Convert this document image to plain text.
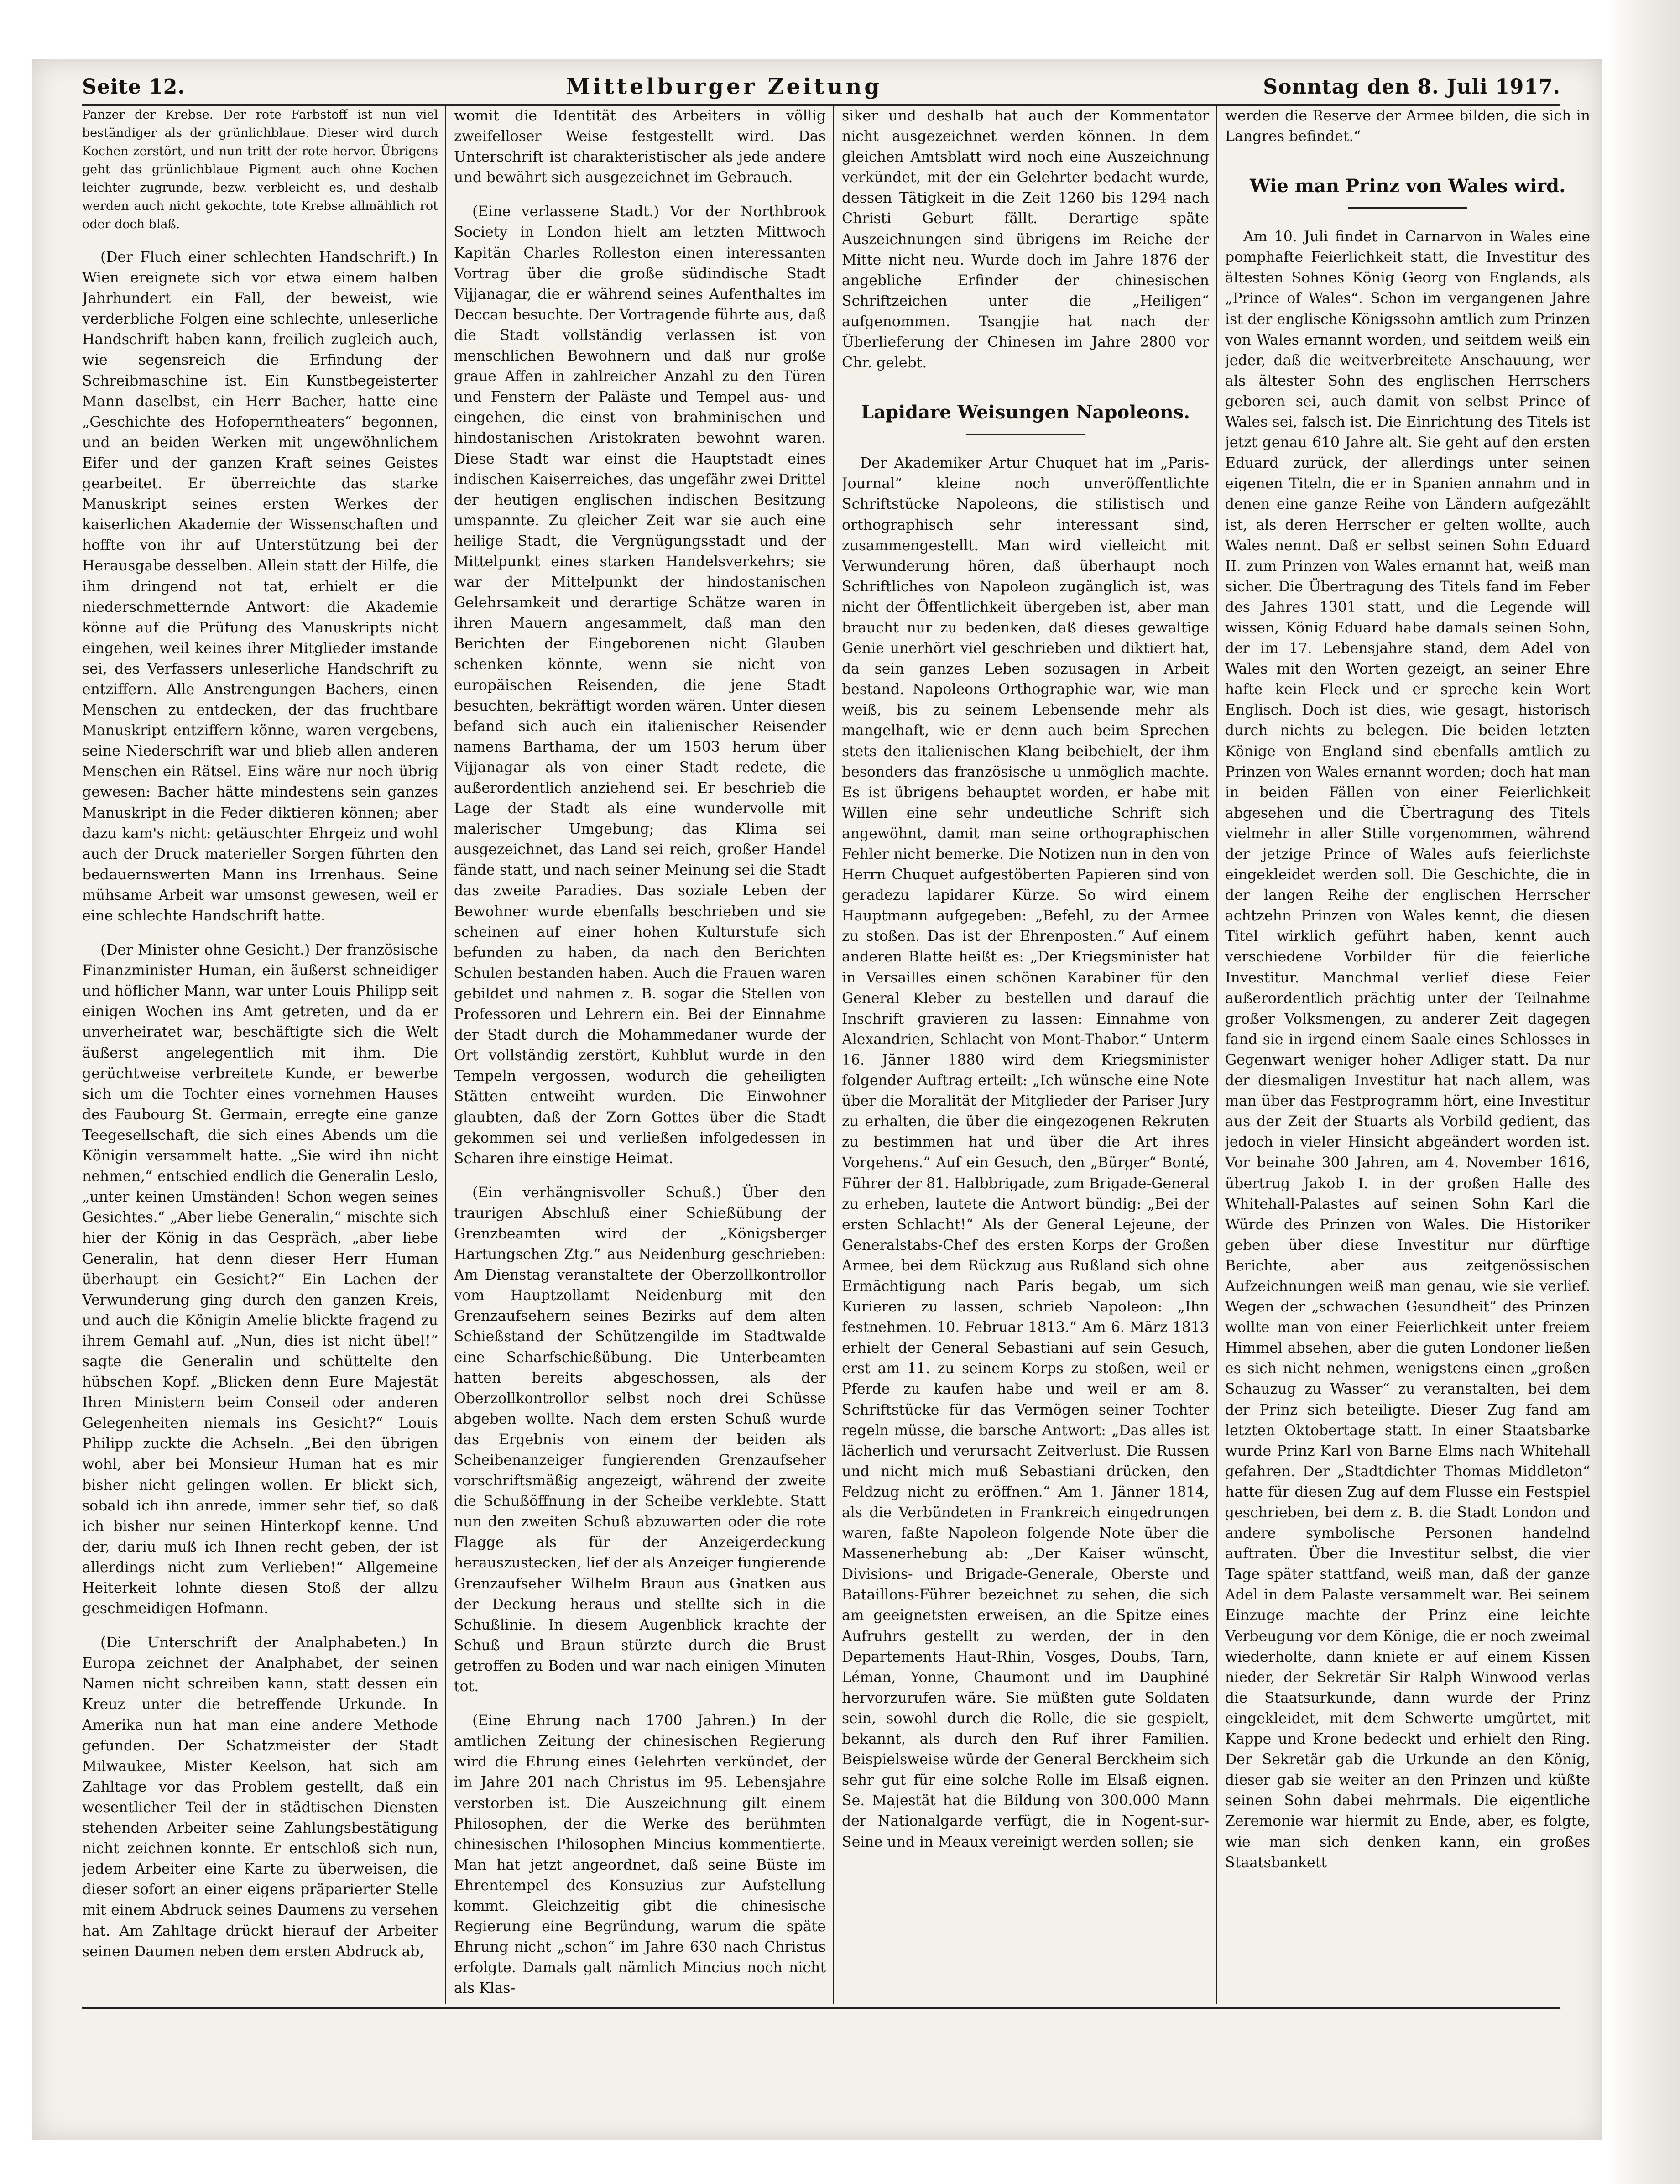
Seite 12.	Mittelburger Zeitung	Sonntag den 8. Juli 1917.

Panzer der Krebse. Der rote Farbstoff ist nun viel beständiger als der grünlichblaue. Dieser wird durch Kochen zerstört, und nun tritt der rote hervor. Übrigens geht das grünlichblaue Pigment auch ohne Kochen leichter zugrunde, bezw. verbleicht es, und deshalb werden auch nicht gekochte, tote Krebse allmählich rot oder doch blaß.

(Der Fluch einer schlechten Handschrift.) In Wien ereignete sich vor etwa einem halben Jahrhundert ein Fall, der beweist, wie verderbliche Folgen eine schlechte, unleserliche Handschrift haben kann, freilich zugleich auch, wie segensreich die Erfindung der Schreibmaschine ist. Ein Kunstbegeisterter Mann daselbst, ein Herr Bacher, hatte eine „Geschichte des Hofoperntheaters“ begonnen, und an beiden Werken mit ungewöhnlichem Eifer und der ganzen Kraft seines Geistes gearbeitet. Er überreichte das starke Manuskript seines ersten Werkes der kaiserlichen Akademie der Wissenschaften und hoffte von ihr auf Unterstützung bei der Herausgabe desselben. Allein statt der Hilfe, die ihm dringend not tat, erhielt er die niederschmetternde Antwort: die Akademie könne auf die Prüfung des Manuskripts nicht eingehen, weil keines ihrer Mitglieder imstande sei, des Verfassers unleserliche Handschrift zu entziffern. Alle Anstrengungen Bachers, einen Menschen zu entdecken, der das fruchtbare Manuskript entziffern könne, waren vergebens, seine Niederschrift war und blieb allen anderen Menschen ein Rätsel. Eins wäre nur noch übrig gewesen: Bacher hätte mindestens sein ganzes Manuskript in die Feder diktieren können; aber dazu kam's nicht: getäuschter Ehrgeiz und wohl auch der Druck materieller Sorgen führten den bedauernswerten Mann ins Irrenhaus. Seine mühsame Arbeit war umsonst gewesen, weil er eine schlechte Handschrift hatte.

(Der Minister ohne Gesicht.) Der französische Finanzminister Human, ein äußerst schneidiger und höflicher Mann, war unter Louis Philipp seit einigen Wochen ins Amt getreten, und da er unverheiratet war, beschäftigte sich die Welt äußerst angelegentlich mit ihm. Die gerüchtweise verbreitete Kunde, er bewerbe sich um die Tochter eines vornehmen Hauses des Faubourg St. Germain, erregte eine ganze Teegesellschaft, die sich eines Abends um die Königin versammelt hatte. „Sie wird ihn nicht nehmen,“ entschied endlich die Generalin Leslo, „unter keinen Umständen! Schon wegen seines Gesichtes.“ „Aber liebe Generalin,“ mischte sich hier der König in das Gespräch, „aber liebe Generalin, hat denn dieser Herr Human überhaupt ein Gesicht?“ Ein Lachen der Verwunderung ging durch den ganzen Kreis, und auch die Königin Amelie blickte fragend zu ihrem Gemahl auf. „Nun, dies ist nicht übel!“ sagte die Generalin und schüttelte den hübschen Kopf. „Blicken denn Eure Majestät Ihren Ministern beim Conseil oder anderen Gelegenheiten niemals ins Gesicht?“ Louis Philipp zuckte die Achseln. „Bei den übrigen wohl, aber bei Monsieur Human hat es mir bisher nicht gelingen wollen. Er blickt sich, sobald ich ihn anrede, immer sehr tief, so daß ich bisher nur seinen Hinterkopf kenne. Und der, dariu muß ich Ihnen recht geben, der ist allerdings nicht zum Verlieben!“ Allgemeine Heiterkeit lohnte diesen Stoß der allzu geschmeidigen Hofmann.

(Die Unterschrift der Analphabeten.) In Europa zeichnet der Analphabet, der seinen Namen nicht schreiben kann, statt dessen ein Kreuz unter die betreffende Urkunde. In Amerika nun hat man eine andere Methode gefunden. Der Schatzmeister der Stadt Milwaukee, Mister Keelson, hat sich am Zahltage vor das Problem gestellt, daß ein wesentlicher Teil der in städtischen Diensten stehenden Arbeiter seine Zahlungsbestätigung nicht zeichnen konnte. Er entschloß sich nun, jedem Arbeiter eine Karte zu überweisen, die dieser sofort an einer eigens präparierter Stelle mit einem Abdruck seines Daumens zu versehen hat. Am Zahltage drückt hierauf der Arbeiter seinen Daumen neben dem ersten Abdruck ab,

womit die Identität des Arbeiters in völlig zweifelloser Weise festgestellt wird. Das Unterschrift ist charakteristischer als jede andere und bewährt sich ausgezeichnet im Gebrauch.

(Eine verlassene Stadt.) Vor der Northbrook Society in London hielt am letzten Mittwoch Kapitän Charles Rolleston einen interessanten Vortrag über die große südindische Stadt Vijjanagar, die er während seines Aufenthaltes im Deccan besuchte. Der Vortragende führte aus, daß die Stadt vollständig verlassen ist von menschlichen Bewohnern und daß nur große graue Affen in zahlreicher Anzahl zu den Türen und Fenstern der Paläste und Tempel aus- und eingehen, die einst von brahminischen und hindostanischen Aristokraten bewohnt waren. Diese Stadt war einst die Hauptstadt eines indischen Kaiserreiches, das ungefähr zwei Drittel der heutigen englischen indischen Besitzung umspannte. Zu gleicher Zeit war sie auch eine heilige Stadt, die Vergnügungsstadt und der Mittelpunkt eines starken Handelsverkehrs; sie war der Mittelpunkt der hindostanischen Gelehrsamkeit und derartige Schätze waren in ihren Mauern angesammelt, daß man den Berichten der Eingeborenen nicht Glauben schenken könnte, wenn sie nicht von europäischen Reisenden, die jene Stadt besuchten, bekräftigt worden wären. Unter diesen befand sich auch ein italienischer Reisender namens Barthama, der um 1503 herum über Vijjanagar als von einer Stadt redete, die außerordentlich anziehend sei. Er beschrieb die Lage der Stadt als eine wundervolle mit malerischer Umgebung; das Klima sei ausgezeichnet, das Land sei reich, großer Handel fände statt, und nach seiner Meinung sei die Stadt das zweite Paradies. Das soziale Leben der Bewohner wurde ebenfalls beschrieben und sie scheinen auf einer hohen Kulturstufe sich befunden zu haben, da nach den Berichten Schulen bestanden haben. Auch die Frauen waren gebildet und nahmen z. B. sogar die Stellen von Professoren und Lehrern ein. Bei der Einnahme der Stadt durch die Mohammedaner wurde der Ort vollständig zerstört, Kuhblut wurde in den Tempeln vergossen, wodurch die geheiligten Stätten entweiht wurden. Die Einwohner glaubten, daß der Zorn Gottes über die Stadt gekommen sei und verließen infolgedessen in Scharen ihre einstige Heimat.

(Ein verhängnisvoller Schuß.) Über den traurigen Abschluß einer Schießübung der Grenzbeamten wird der „Königsberger Hartungschen Ztg.“ aus Neidenburg geschrieben: Am Dienstag veranstaltete der Oberzollkontrollor vom Hauptzollamt Neidenburg mit den Grenzaufsehern seines Bezirks auf dem alten Schießstand der Schützengilde im Stadtwalde eine Scharfschießübung. Die Unterbeamten hatten bereits abgeschossen, als der Oberzollkontrollor selbst noch drei Schüsse abgeben wollte. Nach dem ersten Schuß wurde das Ergebnis von einem der beiden als Scheibenanzeiger fungierenden Grenzaufseher vorschriftsmäßig angezeigt, während der zweite die Schußöffnung in der Scheibe verklebte. Statt nun den zweiten Schuß abzuwarten oder die rote Flagge als für der Anzeigerdeckung herauszustecken, lief der als Anzeiger fungierende Grenzaufseher Wilhelm Braun aus Gnatken aus der Deckung heraus und stellte sich in die Schußlinie. In diesem Augenblick krachte der Schuß und Braun stürzte durch die Brust getroffen zu Boden und war nach einigen Minuten tot.

(Eine Ehrung nach 1700 Jahren.) In der amtlichen Zeitung der chinesischen Regierung wird die Ehrung eines Gelehrten verkündet, der im Jahre 201 nach Christus im 95. Lebensjahre verstorben ist. Die Auszeichnung gilt einem Philosophen, der die Werke des berühmten chinesischen Philosophen Mincius kommentierte. Man hat jetzt angeordnet, daß seine Büste im Ehrentempel des Konsuzius zur Aufstellung kommt. Gleichzeitig gibt die chinesische Regierung eine Begründung, warum die späte Ehrung nicht „schon“ im Jahre 630 nach Christus erfolgte. Damals galt nämlich Mincius noch nicht als Klas-

siker und deshalb hat auch der Kommentator nicht ausgezeichnet werden können. In dem gleichen Amtsblatt wird noch eine Auszeichnung verkündet, mit der ein Gelehrter bedacht wurde, dessen Tätigkeit in die Zeit 1260 bis 1294 nach Christi Geburt fällt. Derartige späte Auszeichnungen sind übrigens im Reiche der Mitte nicht neu. Wurde doch im Jahre 1876 der angebliche Erfinder der chinesischen Schriftzeichen unter die „Heiligen“ aufgenommen. Tsangjie hat nach der Überlieferung der Chinesen im Jahre 2800 vor Chr. gelebt.

Lapidare Weisungen Napoleons.

Der Akademiker Artur Chuquet hat im „Paris-Journal“ kleine noch unveröffentlichte Schriftstücke Napoleons, die stilistisch und orthographisch sehr interessant sind, zusammengestellt. Man wird vielleicht mit Verwunderung hören, daß überhaupt noch Schriftliches von Napoleon zugänglich ist, was nicht der Öffentlichkeit übergeben ist, aber man braucht nur zu bedenken, daß dieses gewaltige Genie unerhört viel geschrieben und diktiert hat, da sein ganzes Leben sozusagen in Arbeit bestand. Napoleons Orthographie war, wie man weiß, bis zu seinem Lebensende mehr als mangelhaft, wie er denn auch beim Sprechen stets den italienischen Klang beibehielt, der ihm besonders das französische u unmöglich machte. Es ist übrigens behauptet worden, er habe mit Willen eine sehr undeutliche Schrift sich angewöhnt, damit man seine orthographischen Fehler nicht bemerke. Die Notizen nun in den von Herrn Chuquet aufgestöberten Papieren sind von geradezu lapidarer Kürze. So wird einem Hauptmann aufgegeben: „Befehl, zu der Armee zu stoßen. Das ist der Ehrenposten.“ Auf einem anderen Blatte heißt es: „Der Kriegsminister hat in Versailles einen schönen Karabiner für den General Kleber zu bestellen und darauf die Inschrift gravieren zu lassen: Einnahme von Alexandrien, Schlacht von Mont-Thabor.“ Unterm 16. Jänner 1880 wird dem Kriegsminister folgender Auftrag erteilt: „Ich wünsche eine Note über die Moralität der Mitglieder der Pariser Jury zu erhalten, die über die eingezogenen Rekruten zu bestimmen hat und über die Art ihres Vorgehens.“ Auf ein Gesuch, den „Bürger“ Bonté, Führer der 81. Halbbrigade, zum Brigade-General zu erheben, lautete die Antwort bündig: „Bei der ersten Schlacht!“ Als der General Lejeune, der Generalstabs-Chef des ersten Korps der Großen Armee, bei dem Rückzug aus Rußland sich ohne Ermächtigung nach Paris begab, um sich Kurieren zu lassen, schrieb Napoleon: „Ihn festnehmen. 10. Februar 1813.“ Am 6. März 1813 erhielt der General Sebastiani auf sein Gesuch, erst am 11. zu seinem Korps zu stoßen, weil er Pferde zu kaufen habe und weil er am 8. Schriftstücke für das Vermögen seiner Tochter regeln müsse, die barsche Antwort: „Das alles ist lächerlich und verursacht Zeitverlust. Die Russen und nicht mich muß Sebastiani drücken, den Feldzug nicht zu eröffnen.“ Am 1. Jänner 1814, als die Verbündeten in Frankreich eingedrungen waren, faßte Napoleon folgende Note über die Massenerhebung ab: „Der Kaiser wünscht, Divisions- und Brigade-Generale, Oberste und Bataillons-Führer bezeichnet zu sehen, die sich am geeignetsten erweisen, an die Spitze eines Aufruhrs gestellt zu werden, der in den Departements Haut-Rhin, Vosges, Doubs, Tarn, Léman, Yonne, Chaumont und im Dauphiné hervorzurufen wäre. Sie müßten gute Soldaten sein, sowohl durch die Rolle, die sie gespielt, bekannt, als durch den Ruf ihrer Familien. Beispielsweise würde der General Berckheim sich sehr gut für eine solche Rolle im Elsaß eignen. Se. Majestät hat die Bildung von 300.000 Mann der Nationalgarde verfügt, die in Nogent-sur-Seine und in Meaux vereinigt werden sollen; sie

werden die Reserve der Armee bilden, die sich in Langres befindet.“

Wie man Prinz von Wales wird.

Am 10. Juli findet in Carnarvon in Wales eine pomphafte Feierlichkeit statt, die Investitur des ältesten Sohnes König Georg von Englands, als „Prince of Wales“. Schon im vergangenen Jahre ist der englische Königssohn amtlich zum Prinzen von Wales ernannt worden, und seitdem weiß ein jeder, daß die weitverbreitete Anschauung, wer als ältester Sohn des englischen Herrschers geboren sei, auch damit von selbst Prince of Wales sei, falsch ist. Die Einrichtung des Titels ist jetzt genau 610 Jahre alt. Sie geht auf den ersten Eduard zurück, der allerdings unter seinen eigenen Titeln, die er in Spanien annahm und in denen eine ganze Reihe von Ländern aufgezählt ist, als deren Herrscher er gelten wollte, auch Wales nennt. Daß er selbst seinen Sohn Eduard II. zum Prinzen von Wales ernannt hat, weiß man sicher. Die Übertragung des Titels fand im Feber des Jahres 1301 statt, und die Legende will wissen, König Eduard habe damals seinen Sohn, der im 17. Lebensjahre stand, dem Adel von Wales mit den Worten gezeigt, an seiner Ehre hafte kein Fleck und er spreche kein Wort Englisch. Doch ist dies, wie gesagt, historisch durch nichts zu belegen. Die beiden letzten Könige von England sind ebenfalls amtlich zu Prinzen von Wales ernannt worden; doch hat man in beiden Fällen von einer Feierlichkeit abgesehen und die Übertragung des Titels vielmehr in aller Stille vorgenommen, während der jetzige Prince of Wales aufs feierlichste eingekleidet werden soll. Die Geschichte, die in der langen Reihe der englischen Herrscher achtzehn Prinzen von Wales kennt, die diesen Titel wirklich geführt haben, kennt auch verschiedene Vorbilder für die feierliche Investitur. Manchmal verlief diese Feier außerordentlich prächtig unter der Teilnahme großer Volksmengen, zu anderer Zeit dagegen fand sie in irgend einem Saale eines Schlosses in Gegenwart weniger hoher Adliger statt. Da nur der diesmaligen Investitur hat nach allem, was man über das Festprogramm hört, eine Investitur aus der Zeit der Stuarts als Vorbild gedient, das jedoch in vieler Hinsicht abgeändert worden ist. Vor beinahe 300 Jahren, am 4. November 1616, übertrug Jakob I. in der großen Halle des Whitehall-Palastes auf seinen Sohn Karl die Würde des Prinzen von Wales. Die Historiker geben über diese Investitur nur dürftige Berichte, aber aus zeitgenössischen Aufzeichnungen weiß man genau, wie sie verlief. Wegen der „schwachen Gesundheit“ des Prinzen wollte man von einer Feierlichkeit unter freiem Himmel absehen, aber die guten Londoner ließen es sich nicht nehmen, wenigstens einen „großen Schauzug zu Wasser“ zu veranstalten, bei dem der Prinz sich beteiligte. Dieser Zug fand am letzten Oktobertage statt. In einer Staatsbarke wurde Prinz Karl von Barne Elms nach Whitehall gefahren. Der „Stadtdichter Thomas Middleton“ hatte für diesen Zug auf dem Flusse ein Festspiel geschrieben, bei dem z. B. die Stadt London und andere symbolische Personen handelnd auftraten. Über die Investitur selbst, die vier Tage später stattfand, weiß man, daß der ganze Adel in dem Palaste versammelt war. Bei seinem Einzuge machte der Prinz eine leichte Verbeugung vor dem Könige, die er noch zweimal wiederholte, dann kniete er auf einem Kissen nieder, der Sekretär Sir Ralph Winwood verlas die Staatsurkunde, dann wurde der Prinz eingekleidet, mit dem Schwerte umgürtet, mit Kappe und Krone bedeckt und erhielt den Ring. Der Sekretär gab die Urkunde an den König, dieser gab sie weiter an den Prinzen und küßte seinen Sohn dabei mehrmals. Die eigentliche Zeremonie war hiermit zu Ende, aber, es folgte, wie man sich denken kann, ein großes Staatsbankett
